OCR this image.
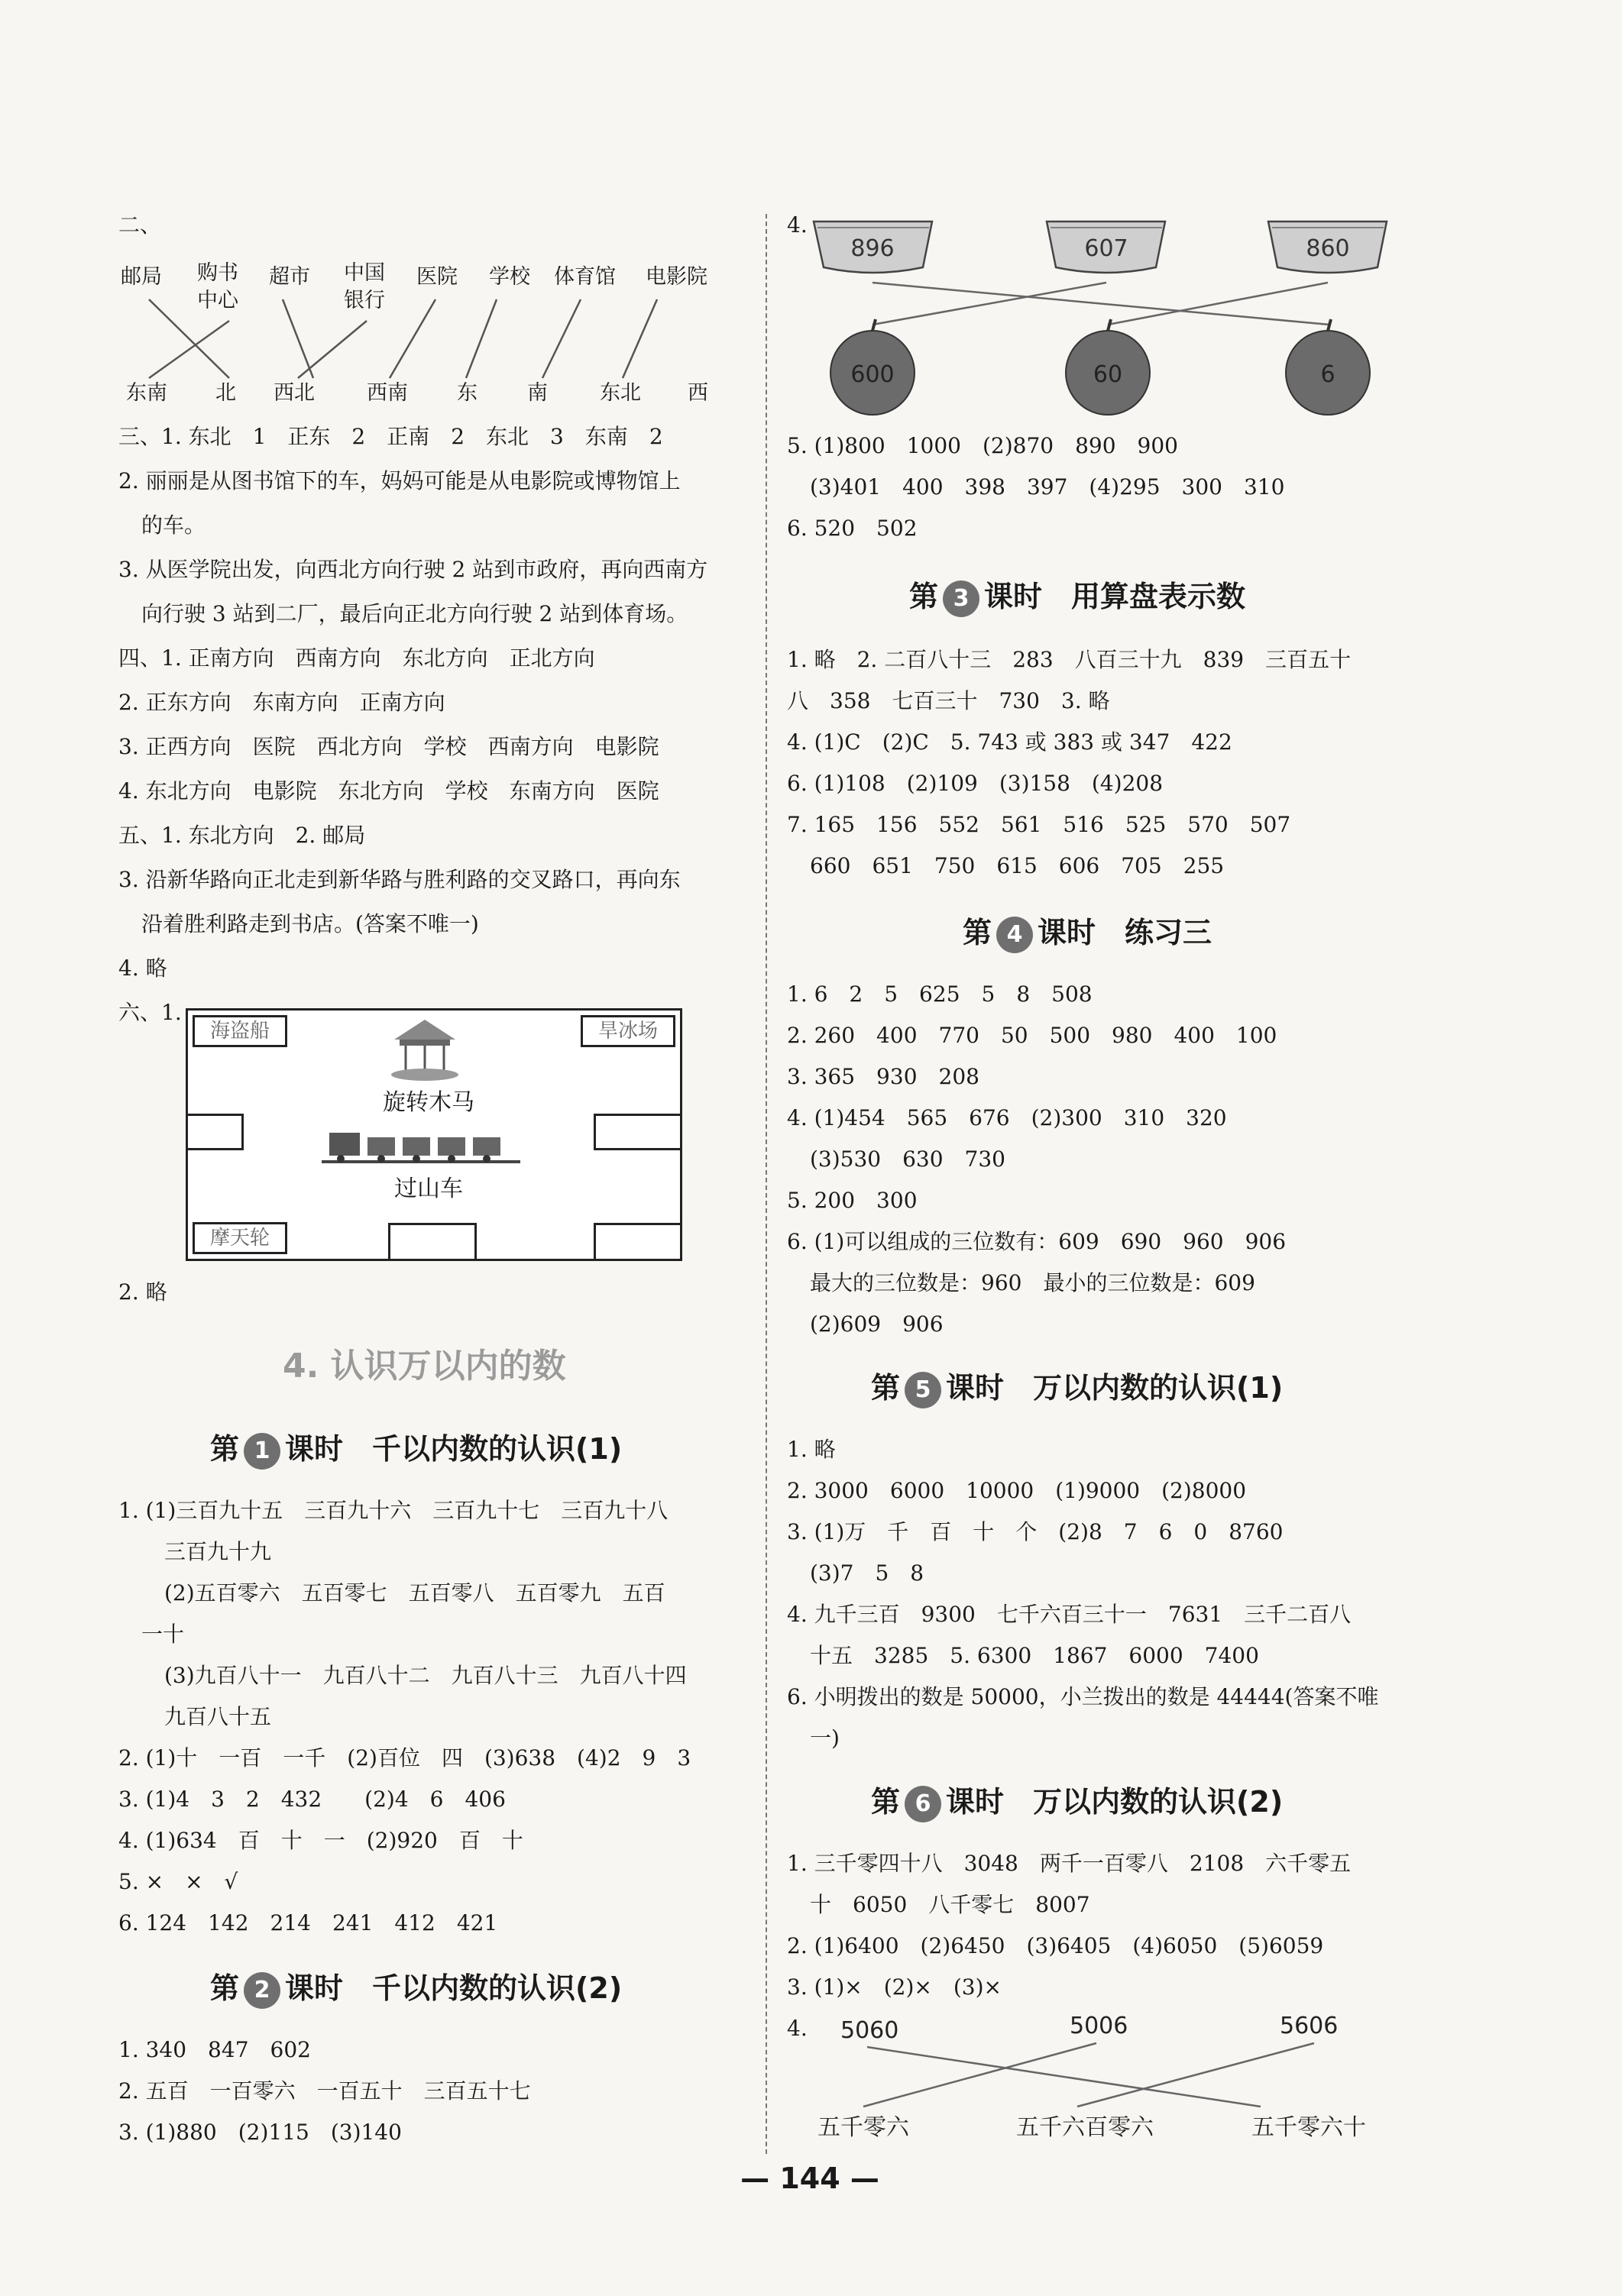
二、
邮局 购书
中心
超市 中国
银行
医院 学校 体育馆 电影院
东南 北 西北	西南 东 南	东北 西
三、1. 东北　1　正东　2　正南　2　东北　3　东南　2
2. 丽丽是从图书馆下的车，妈妈可能是从电影院或博物馆上
的车。
3. 从医学院出发，向西北方向行驶 2 站到市政府，再向西南方
向行驶 3 站到二厂，最后向正北方向行驶 2 站到体育场。
四、1. 正南方向　西南方向　东北方向　正北方向
2. 正东方向　东南方向　正南方向
3. 正西方向　医院　西北方向　学校　西南方向　电影院
4. 东北方向　电影院　东北方向　学校　东南方向　医院
五、1. 东北方向　2. 邮局
3. 沿新华路向正北走到新华路与胜利路的交叉路口，再向东
沿着胜利路走到书店。(答案不唯一)
4. 略
六、1.
海盗船	旱冰场
摩天轮
旋转木马
过山车
2. 略
4. 认识万以内的数
第 1 课时　千以内数的认识(1)
1. (1)三百九十五　三百九十六　三百九十七　三百九十八
三百九十九
(2)五百零六　五百零七　五百零八　五百零九　五百
一十
(3)九百八十一　九百八十二　九百八十三　九百八十四
九百八十五
2. (1)十　一百　一千　(2)百位　四　(3)638　(4)2　9　3
3. (1)4　3　2　432　　(2)4　6　406
4. (1)634　百　十　一　(2)920　百　十
5. ×　×　√
6. 124　142　214　241　412　421
第 2 课时　千以内数的认识(2)
1. 340　847　602
2. 五百　一百零六　一百五十　三百五十七
3. (1)880　(2)115　(3)140
4.
896	607	860
600	60	6
5. (1)800　1000　(2)870　890　900
(3)401　400　398　397　(4)295　300　310
6. 520　502
第 3 课时　用算盘表示数
1. 略　2. 二百八十三　283　八百三十九　839　三百五十
八　358　七百三十　730　3. 略
4. (1)C　(2)C　5. 743 或 383 或 347　422
6. (1)108　(2)109　(3)158　(4)208
7. 165　156　552　561　516　525　570　507
660　651　750　615　606　705　255
第 4 课时　练习三
1. 6　2　5　625　5　8　508
2. 260　400　770　50　500　980　400　100
3. 365　930　208
4. (1)454　565　676　(2)300　310　320
(3)530　630　730
5. 200　300
6. (1)可以组成的三位数有：609　690　960　906
最大的三位数是：960　最小的三位数是：609
(2)609　906
第 5 课时　万以内数的认识(1)
1. 略
2. 3000　6000　10000　(1)9000　(2)8000
3. (1)万　千　百　十　个　(2)8　7　6　0　8760
(3)7　5　8
4. 九千三百　9300　七千六百三十一　7631　三千二百八
十五　3285　5. 6300　1867　6000　7400
6. 小明拨出的数是 50000，小兰拨出的数是 44444(答案不唯
一)
第 6 课时　万以内数的认识(2)
1. 三千零四十八　3048　两千一百零八　2108　六千零五
十　6050　八千零七　8007
2. (1)6400　(2)6450　(3)6405　(4)6050　(5)6059
3. (1)×　(2)×　(3)×
4. 5060	5006	5606
五千零六	五千六百零六	五千零六十
— 144 —
